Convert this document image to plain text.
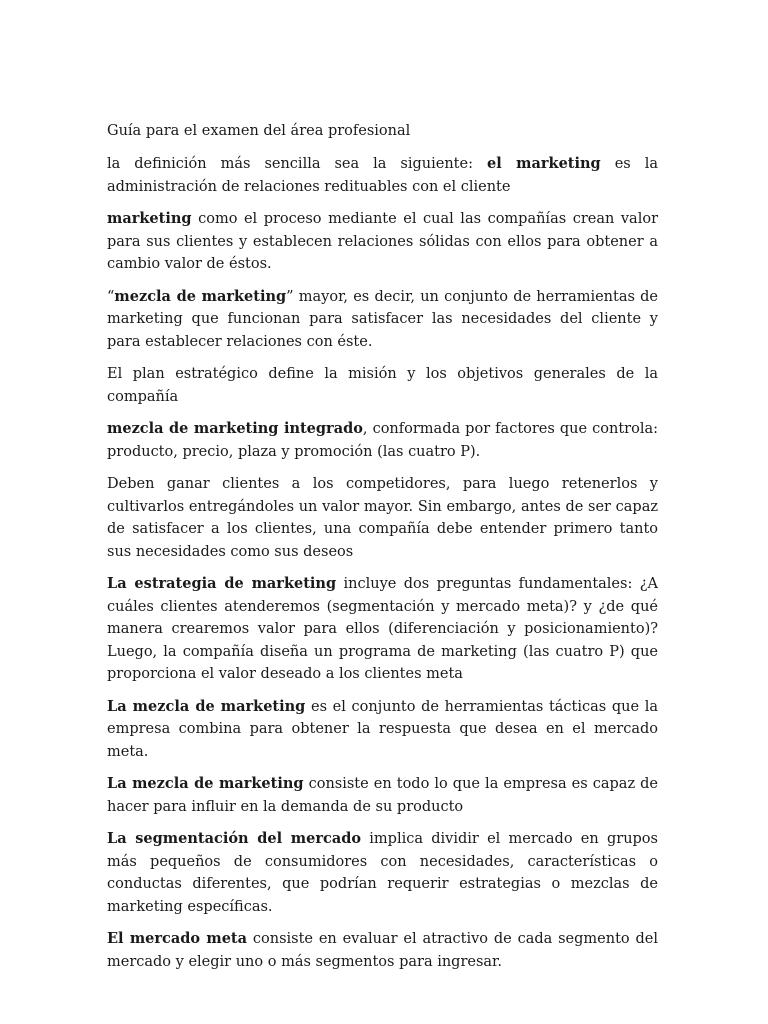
Guía para el examen del área profesional

la definición más sencilla sea la siguiente: el marketing es la administración de relaciones redituables con el cliente

marketing como el proceso mediante el cual las compañías crean valor para sus clientes y establecen relaciones sólidas con ellos para obtener a cambio valor de éstos.

“mezcla de marketing” mayor, es decir, un conjunto de herramientas de marketing que funcionan para satisfacer las necesidades del cliente y para establecer relaciones con éste.

El plan estratégico define la misión y los objetivos generales de la compañía

mezcla de marketing integrado, conformada por factores que controla: producto, precio, plaza y promoción (las cuatro P).

Deben ganar clientes a los competidores, para luego retenerlos y cultivarlos entregándoles un valor mayor. Sin embargo, antes de ser capaz de satisfacer a los clientes, una compañía debe entender primero tanto sus necesidades como sus deseos

La estrategia de marketing incluye dos preguntas fundamentales: ¿A cuáles clientes atenderemos (segmentación y mercado meta)? y ¿de qué manera crearemos valor para ellos (diferenciación y posicionamiento)? Luego, la compañía diseña un programa de marketing (las cuatro P) que proporciona el valor deseado a los clientes meta

La mezcla de marketing es el conjunto de herramientas tácticas que la empresa combina para obtener la respuesta que desea en el mercado meta.

La mezcla de marketing consiste en todo lo que la empresa es capaz de hacer para influir en la demanda de su producto

La segmentación del mercado implica dividir el mercado en grupos más pequeños de consumidores con necesidades, características o conductas diferentes, que podrían requerir estrategias o mezclas de marketing específicas.

El mercado meta consiste en evaluar el atractivo de cada segmento del mercado y elegir uno o más segmentos para ingresar.
